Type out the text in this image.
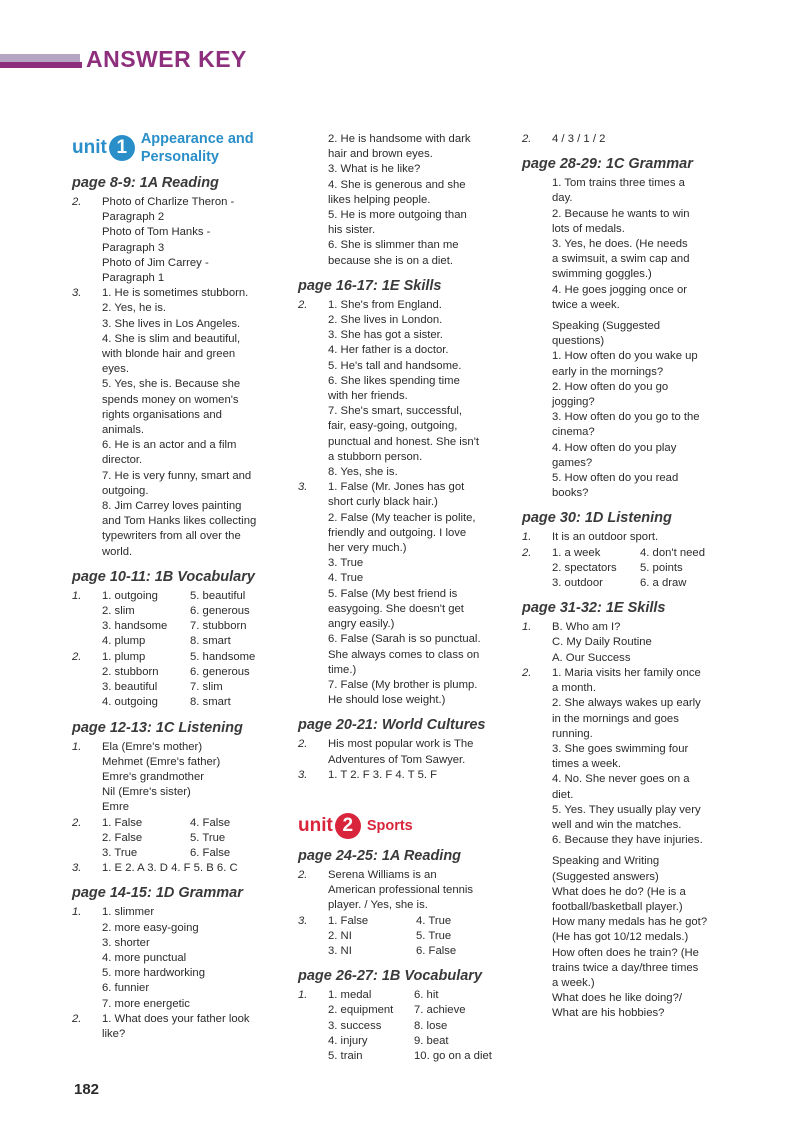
ANSWER KEY
unit 1 Appearance and
Personality
page 8-9: 1A Reading
2.	Photo of Charlize Theron -
Paragraph 2
Photo of Tom Hanks -
Paragraph 3
Photo of Jim Carrey -
Paragraph 1
3.	1. He is sometimes stubborn.
2. Yes, he is.
3. She lives in Los Angeles.
4. She is slim and beautiful,
with blonde hair and green
eyes.
5. Yes, she is. Because she
spends money on women's
rights organisations and
animals.
6. He is an actor and a film
director.
7. He is very funny, smart and
outgoing.
8. Jim Carrey loves painting
and Tom Hanks likes collecting
typewriters from all over the
world.
page 10-11: 1B Vocabulary
1.	1. outgoing	5. beautiful
2. slim	6. generous
3. handsome	7. stubborn
4. plump	8. smart
2.	1. plump	5. handsome
2. stubborn	6. generous
3. beautiful	7. slim
4. outgoing	8. smart
page 12-13: 1C Listening
1.	Ela (Emre's mother)
Mehmet (Emre's father)
Emre's grandmother
Nil (Emre's sister)
Emre
2.	1. False	4. False
2. False	5. True
3. True	6. False
3.	1. E 2. A 3. D 4. F 5. B 6. C
page 14-15: 1D Grammar
1.	1. slimmer
2. more easy-going
3. shorter
4. more punctual
5. more hardworking
6. funnier
7. more energetic
2.	1. What does your father look
like?
2. He is handsome with dark
hair and brown eyes.
3. What is he like?
4. She is generous and she
likes helping people.
5. He is more outgoing than
his sister.
6. She is slimmer than me
because she is on a diet.
page 16-17: 1E Skills
2.	1. She's from England.
2. She lives in London.
3. She has got a sister.
4. Her father is a doctor.
5. He's tall and handsome.
6. She likes spending time
with her friends.
7. She's smart, successful,
fair, easy-going, outgoing,
punctual and honest. She isn't
a stubborn person.
8. Yes, she is.
3.	1. False (Mr. Jones has got
short curly black hair.)
2. False (My teacher is polite,
friendly and outgoing. I love
her very much.)
3. True
4. True
5. False (My best friend is
easygoing. She doesn't get
angry easily.)
6. False (Sarah is so punctual.
She always comes to class on
time.)
7. False (My brother is plump.
He should lose weight.)
page 20-21: World Cultures
2.	His most popular work is The
Adventures of Tom Sawyer.
3.	1. T 2. F 3. F 4. T 5. F
unit 2 Sports
page 24-25: 1A Reading
2.	Serena Williams is an
American professional tennis
player. / Yes, she is.
3.	1. False	4. True
2. NI	5. True
3. NI	6. False
page 26-27: 1B Vocabulary
1.	1. medal	6. hit
2. equipment	7. achieve
3. success	8. lose
4. injury	9. beat
5. train	10. go on a diet
2.	4 / 3 / 1 / 2
page 28-29: 1C Grammar
1. Tom trains three times a
day.
2. Because he wants to win
lots of medals.
3. Yes, he does. (He needs
a swimsuit, a swim cap and
swimming goggles.)
4. He goes jogging once or
twice a week.
Speaking (Suggested
questions)
1. How often do you wake up
early in the mornings?
2. How often do you go
jogging?
3. How often do you go to the
cinema?
4. How often do you play
games?
5. How often do you read
books?
page 30: 1D Listening
1.	It is an outdoor sport.
2.	1. a week	4. don't need
2. spectators	5. points
3. outdoor	6. a draw
page 31-32: 1E Skills
1.	B. Who am I?
C. My Daily Routine
A. Our Success
2.	1. Maria visits her family once
a month.
2. She always wakes up early
in the mornings and goes
running.
3. She goes swimming four
times a week.
4. No. She never goes on a
diet.
5. Yes. They usually play very
well and win the matches.
6. Because they have injuries.
Speaking and Writing
(Suggested answers)
What does he do? (He is a
football/basketball player.)
How many medals has he got?
(He has got 10/12 medals.)
How often does he train? (He
trains twice a day/three times
a week.)
What does he like doing?/
What are his hobbies?
182
